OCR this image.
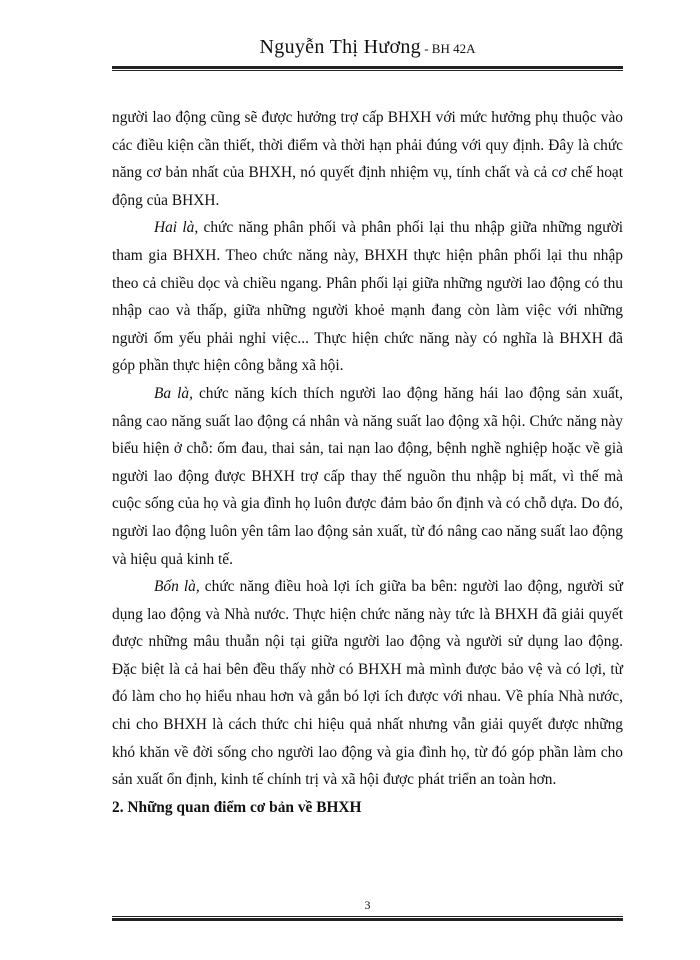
Nguyễn Thị Hương - BH 42A

người lao động cũng sẽ được hưởng trợ cấp BHXH với mức hưởng phụ thuộc vào các điều kiện cần thiết, thời điểm và thời hạn phải đúng với quy định. Đây là chức năng cơ bản nhất của BHXH, nó quyết định nhiệm vụ, tính chất và cả cơ chế hoạt động của BHXH.

Hai là, chức năng phân phối và phân phối lại thu nhập giữa những người tham gia BHXH. Theo chức năng này, BHXH thực hiện phân phối lại thu nhập theo cả chiều dọc và chiều ngang. Phân phối lại giữa những người lao động có thu nhập cao và thấp, giữa những người khoẻ mạnh đang còn làm việc với những người ốm yếu phải nghỉ việc... Thực hiện chức năng này có nghĩa là BHXH đã góp phần thực hiện công bằng xã hội.

Ba là, chức năng kích thích người lao động hăng hái lao động sản xuất, nâng cao năng suất lao động cá nhân và năng suất lao động xã hội. Chức năng này biểu hiện ở chỗ: ốm đau, thai sản, tai nạn lao động, bệnh nghề nghiệp hoặc về già người lao động được BHXH trợ cấp thay thế nguồn thu nhập bị mất, vì thế mà cuộc sống của họ và gia đình họ luôn được đảm bảo ổn định và có chỗ dựa. Do đó, người lao động luôn yên tâm lao động sản xuất, từ đó nâng cao năng suất lao động và hiệu quả kinh tế.

Bốn là, chức năng điều hoà lợi ích giữa ba bên: người lao động, người sử dụng lao động và Nhà nước. Thực hiện chức năng này tức là BHXH đã giải quyết được những mâu thuẫn nội tại giữa người lao động và người sử dụng lao động. Đặc biệt là cả hai bên đều thấy nhờ có BHXH mà mình được bảo vệ và có lợi, từ đó làm cho họ hiểu nhau hơn và gắn bó lợi ích được với nhau. Về phía Nhà nước, chi cho BHXH là cách thức chi hiệu quả nhất nhưng vẫn giải quyết được những khó khăn về đời sống cho người lao động và gia đình họ, từ đó góp phần làm cho sản xuất ổn định, kinh tế chính trị và xã hội được phát triển an toàn hơn.

2. Những quan điểm cơ bản về BHXH

3
